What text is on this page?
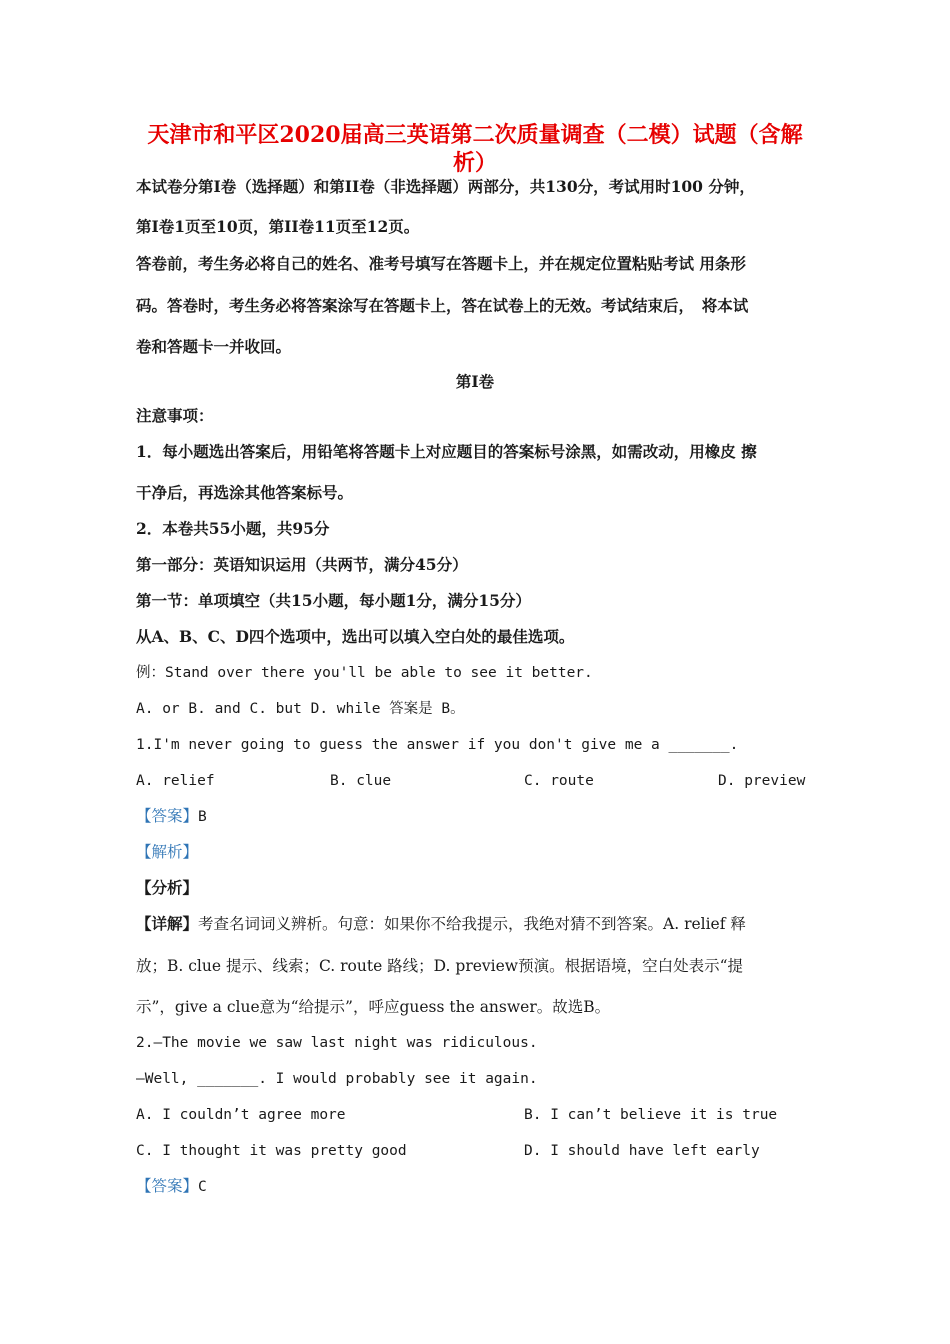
天津市和平区2020届高三英语第二次质量调查（二模）试题（含解
析）
本试卷分第Ⅰ卷（选择题）和第II卷（非选择题）两部分，共130分，考试用时100 分钟，
第Ⅰ卷1页至10页，第II卷11页至12页。
答卷前，考生务必将自己的姓名、准考号填写在答题卡上，并在规定位置粘贴考试 用条形
码。答卷时，考生务必将答案涂写在答题卡上，答在试卷上的无效。考试结束后，　将本试
卷和答题卡一并收回。
第Ⅰ卷
注意事项：
1．每小题选出答案后，用铅笔将答题卡上对应题目的答案标号涂黑，如需改动，用橡皮 擦
干净后，再选涂其他答案标号。
2．本卷共55小题，共95分
第一部分：英语知识运用（共两节，满分45分）
第一节：单项填空（共15小题，每小题1分，满分15分）
从A、B、C、D四个选项中，选出可以填入空白处的最佳选项。
例：Stand over there you'll be able to see it better.
A. or B. and C. but D. while 答案是 B。
1.I'm never going to guess the answer if you don't give me a _______.
A. relief	B. clue	C. route	D. preview
【答案】B
【解析】
【分析】
【详解】考查名词词义辨析。句意：如果你不给我提示，我绝对猜不到答案。A. relief 释
放；B. clue 提示、线索；C. route 路线；D. preview预演。根据语境，空白处表示“提
示”，give a clue意为“给提示”，呼应guess the answer。故选B。
2.—The movie we saw last night was ridiculous.
—Well, _______. I would probably see it again.
A. I couldn’t agree more	B. I can’t believe it is true
C. I thought it was pretty good	D. I should have left early
【答案】C
